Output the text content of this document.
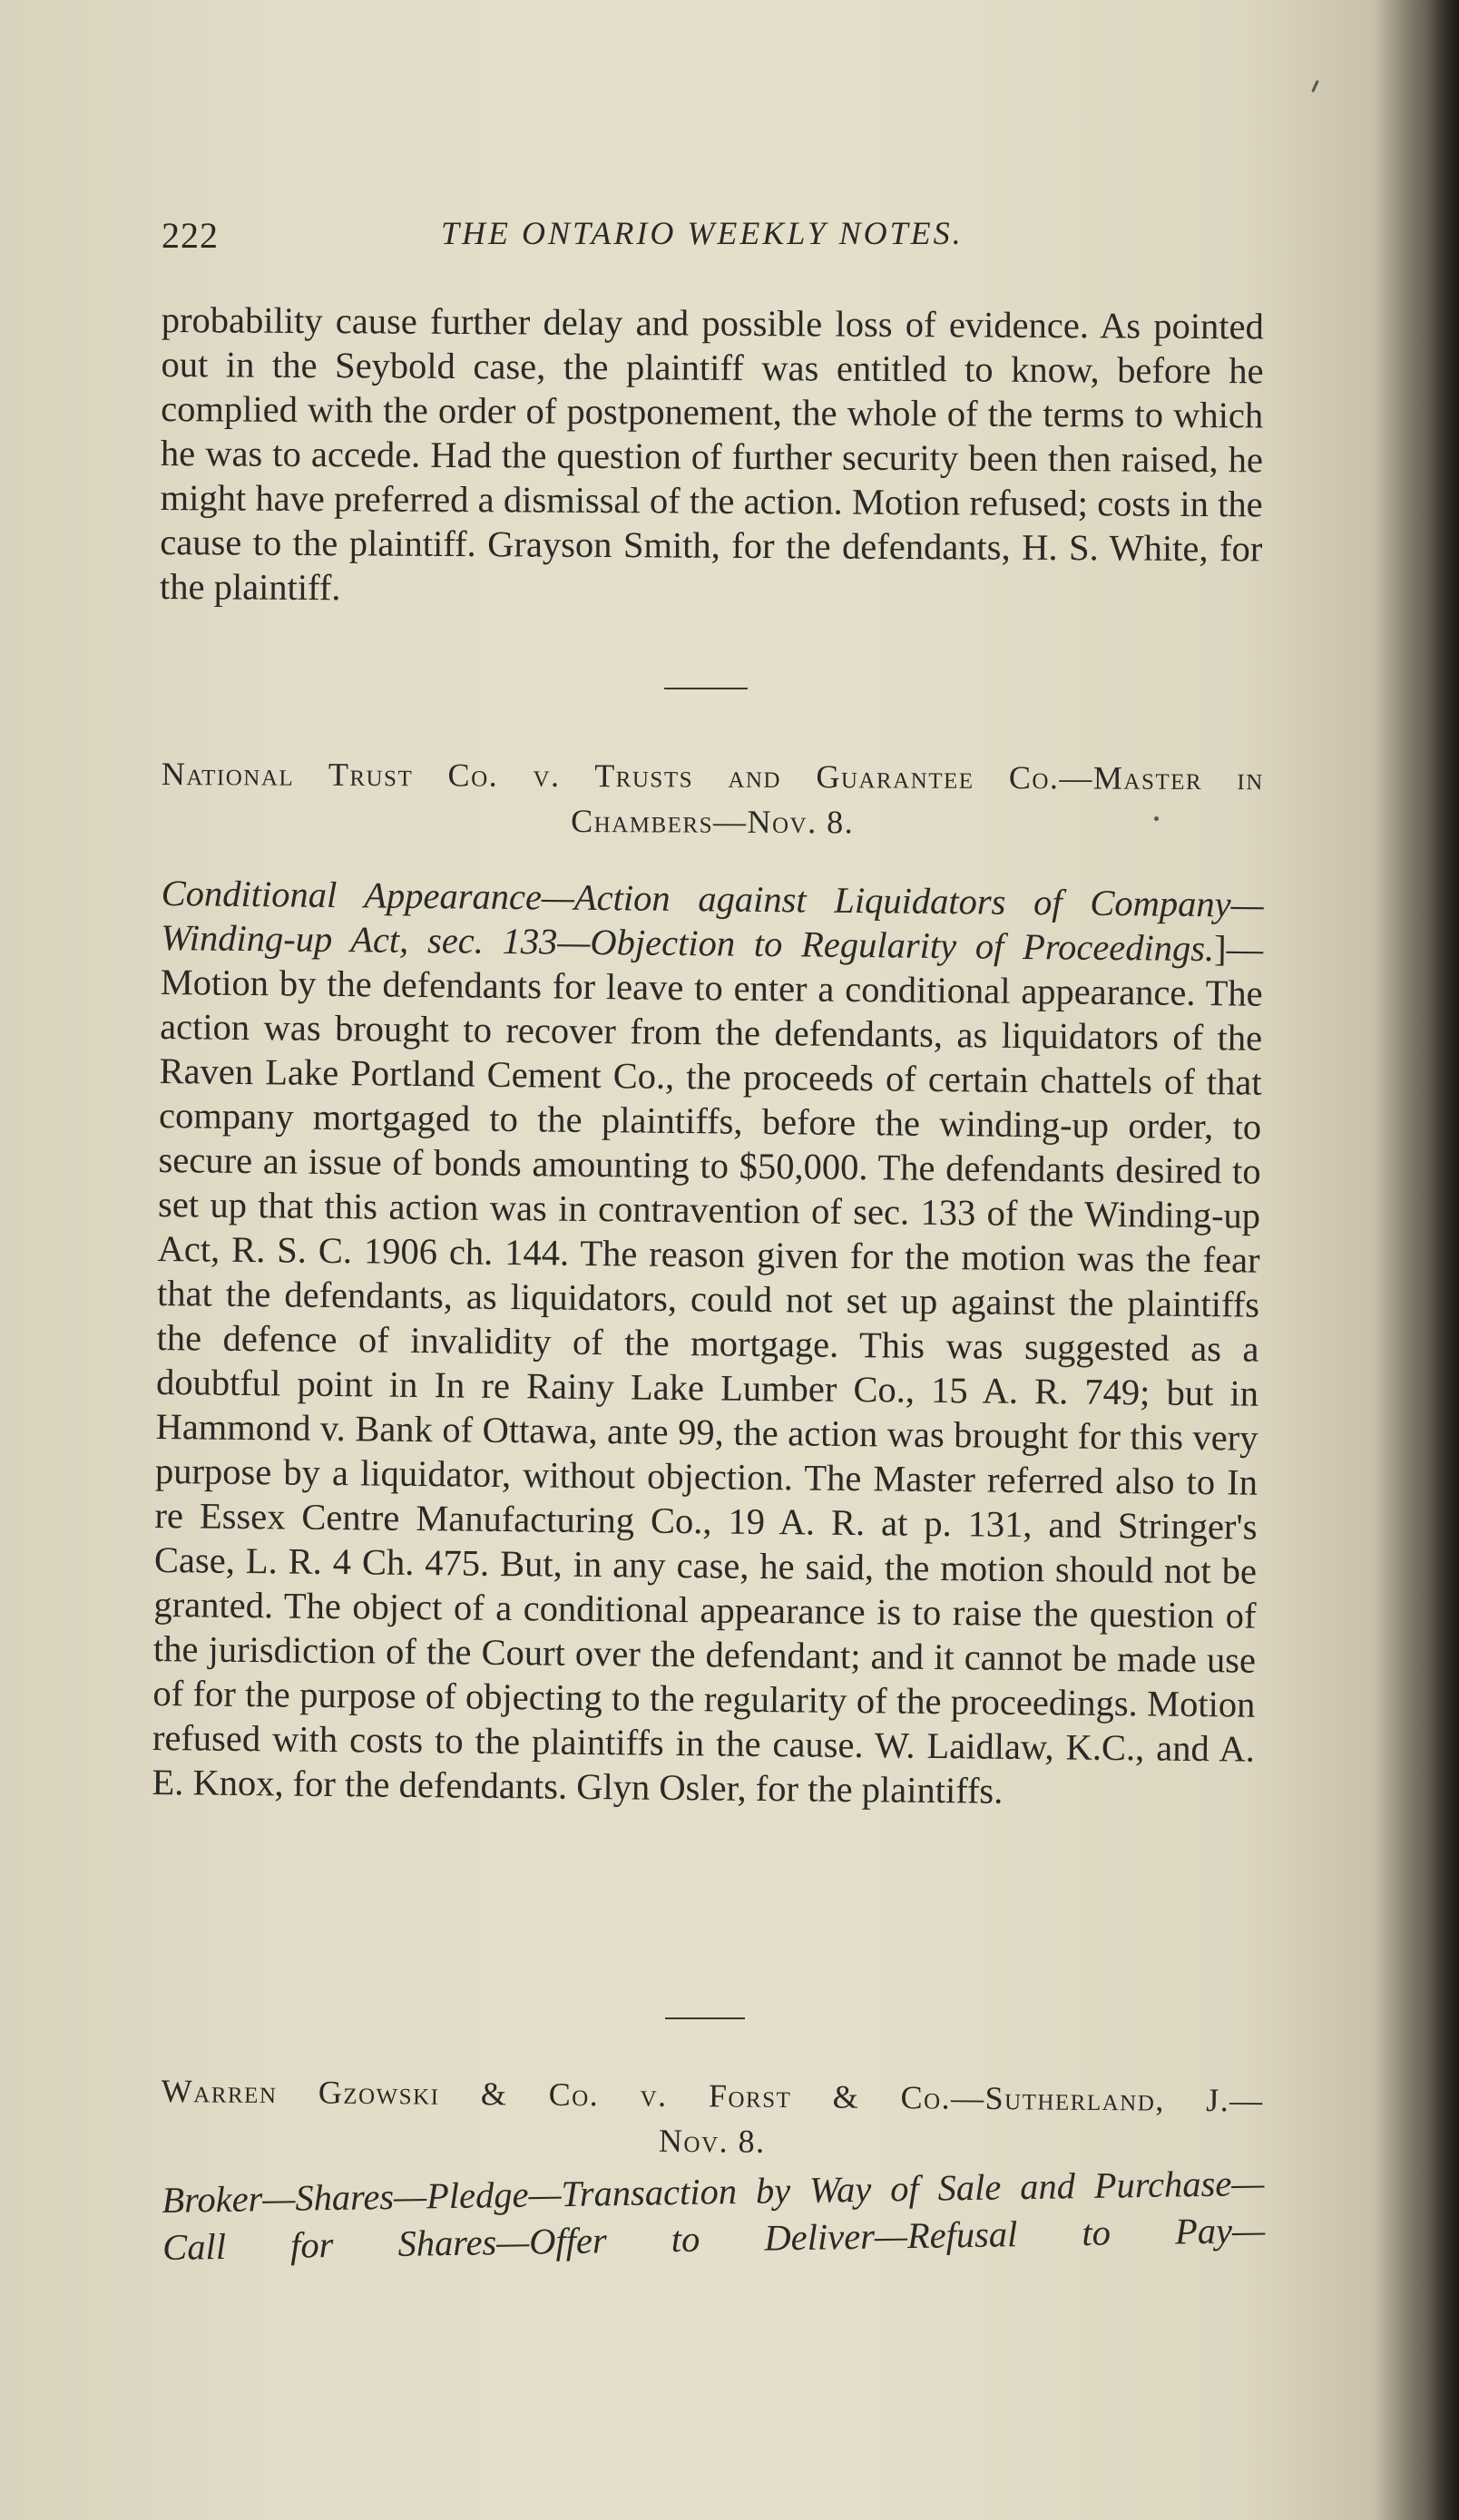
222	THE ONTARIO WEEKLY NOTES.

probability cause further delay and possible loss of evidence. As pointed out in the Seybold case, the plaintiff was entitled to know, before he complied with the order of postponement, the whole of the terms to which he was to accede. Had the question of further security been then raised, he might have preferred a dismissal of the action. Motion refused; costs in the cause to the plaintiff. Grayson Smith, for the defendants, H. S. White, for the plaintiff.

National Trust Co. v. Trusts and Guarantee Co.—Master in
Chambers—Nov. 8.

Conditional Appearance—Action against Liquidators of Company—Winding-up Act, sec. 133—Objection to Regularity of Proceedings.]—Motion by the defendants for leave to enter a conditional appearance. The action was brought to recover from the defendants, as liquidators of the Raven Lake Portland Cement Co., the proceeds of certain chattels of that company mortgaged to the plaintiffs, before the winding-up order, to secure an issue of bonds amounting to $50,000. The defendants desired to set up that this action was in contravention of sec. 133 of the Winding-up Act, R. S. C. 1906 ch. 144. The reason given for the motion was the fear that the defendants, as liquidators, could not set up against the plaintiffs the defence of invalidity of the mortgage. This was suggested as a doubtful point in In re Rainy Lake Lumber Co., 15 A. R. 749; but in Hammond v. Bank of Ottawa, ante 99, the action was brought for this very purpose by a liquidator, without objection. The Master referred also to In re Essex Centre Manufacturing Co., 19 A. R. at p. 131, and Stringer's Case, L. R. 4 Ch. 475. But, in any case, he said, the motion should not be granted. The object of a conditional appearance is to raise the question of the jurisdiction of the Court over the defendant; and it cannot be made use of for the purpose of objecting to the regularity of the proceedings. Motion refused with costs to the plaintiffs in the cause. W. Laidlaw, K.C., and A. E. Knox, for the defendants. Glyn Osler, for the plaintiffs.

Warren Gzowski & Co. v. Forst & Co.—Sutherland, J.—
Nov. 8.

Broker—Shares—Pledge—Transaction by Way of Sale and Purchase—Call for Shares—Offer to Deliver—Refusal to Pay—
